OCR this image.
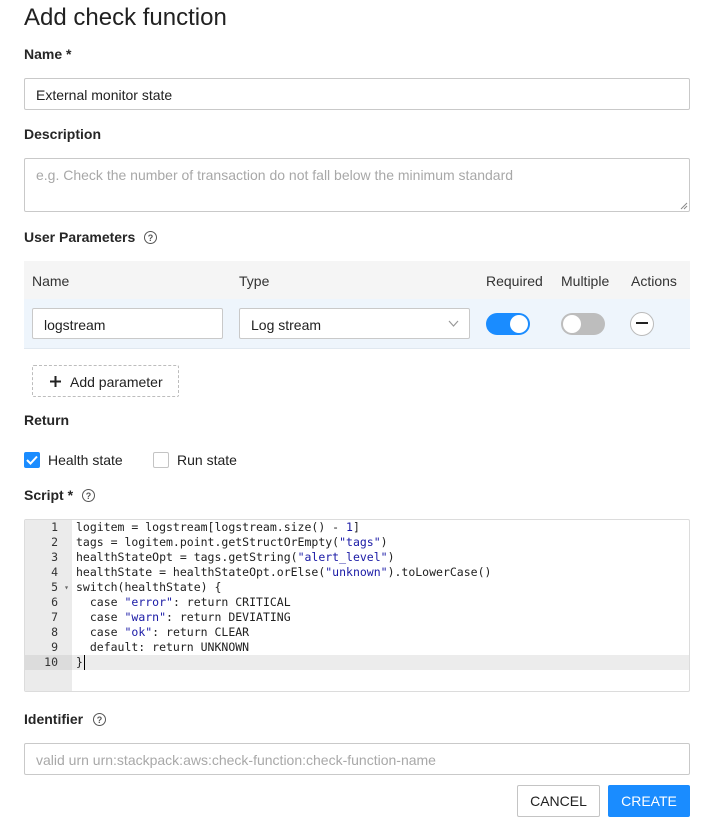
Add check function
Name *
External monitor state
Description
e.g. Check the number of transaction do not fall below the minimum standard
User Parameters	?
Name	Type	Required Multiple Actions
logstream	Log stream
Add parameter
Return
Health state	Run state
Script *	?
1
2
3
4
5 ▾
6
7
8
9
10
logitem = logstream[logstream.size() - 1]
tags = logitem.point.getStructOrEmpty("tags")
healthStateOpt = tags.getString("alert_level")
healthState = healthStateOpt.orElse("unknown").toLowerCase()
switch(healthState) {
case "error": return CRITICAL
case "warn": return DEVIATING
case "ok": return CLEAR
default: return UNKNOWN
}
Identifier	?
valid urn urn:stackpack:aws:check-function:check-function-name
CANCEL	CREATE
